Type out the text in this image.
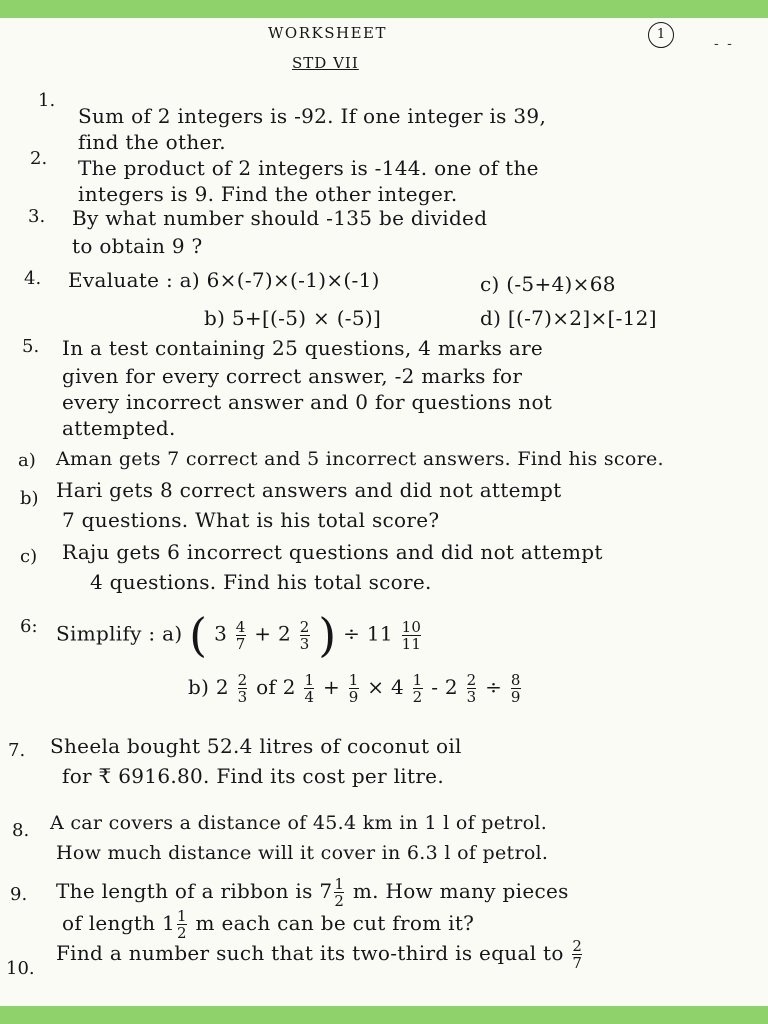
WORKSHEET
STD VII
1
- -
1.
Sum of 2 integers is -92. If one integer is 39,
find the other.
2. The product of 2 integers is -144. one of the
integers is 9. Find the other integer.
3. By what number should -135 be divided
to obtain 9 ?
4. Evaluate : a) 6×(-7)×(-1)×(-1)	c) (-5+4)×68
b) 5+[(-5) × (-5)]	d) [(-7)×2]×[-12]
5. In a test containing 25 questions, 4 marks are
given for every correct answer, -2 marks for
every incorrect answer and 0 for questions not
attempted.
a) Aman gets 7 correct and 5 incorrect answers. Find his score.
b) Hari gets 8 correct answers and did not attempt
7 questions. What is his total score?
c) Raju gets 6 incorrect questions and did not attempt
4 questions. Find his total score.
6: Simplify : a) ( $3 \frac{4}{7} + 2 \frac{2}{3}$ ) ÷ $11 \frac{10}{11}$
b) $2 \frac{2}{3}$ of $2 \frac{1}{4} + \frac{1}{9} \times 4 \frac{1}{2} - 2 \frac{2}{3} \div \frac{8}{9}$
7. Sheela bought 52.4 litres of coconut oil
for ₹ 6916.80. Find its cost per litre.
8. A car covers a distance of 45.4 km in 1 l of petrol.
How much distance will it cover in 6.3 l of petrol.
9. The length of a ribbon is $7 \frac{1}{2} m$. How many pieces
of length $1 \frac{1}{2}$ m each can be cut from it?
10.
Find a number such that its two-third is equal to $\frac{2}{7}$
